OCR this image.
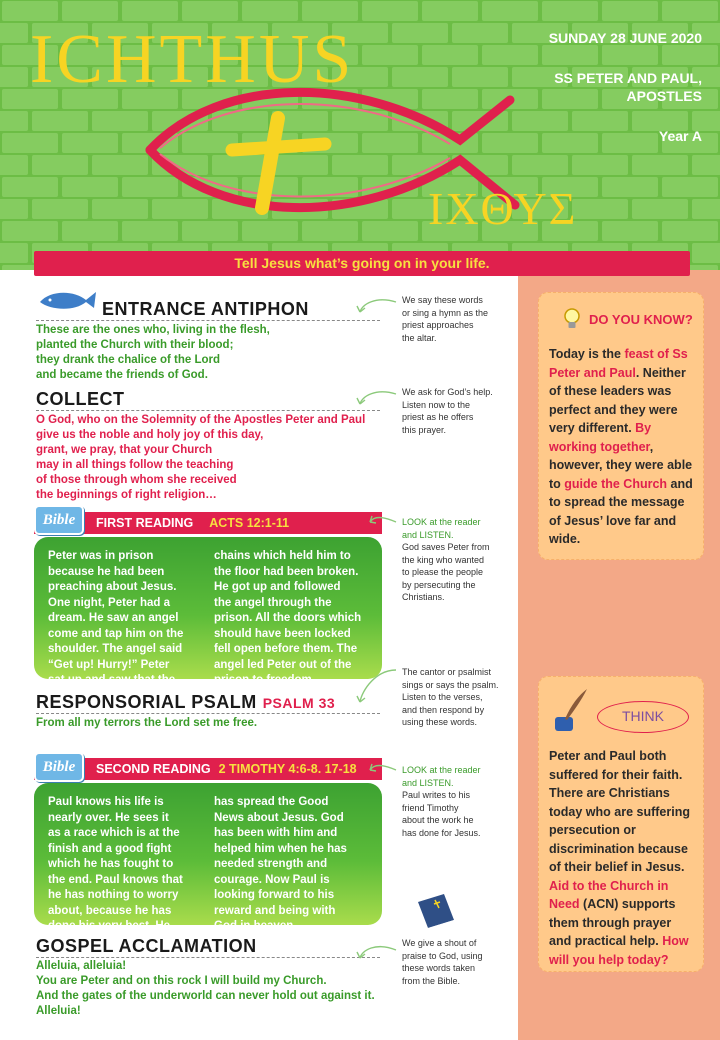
ICHTHUS
ΙΧΘΥΣ
SUNDAY 28 JUNE 2020
SS PETER AND PAUL,
APOSTLES
Year A
DO YOU KNOW?

Today is the feast of Ss Peter and Paul. Neither of these leaders was perfect and they were very different. By working together, however, they were able to guide the Church and to spread the message of Jesus’ love far and wide.

THINK

Peter and Paul both suffered for their faith. There are Christians today who are suffering persecution or discrimination because of their belief in Jesus. Aid to the Church in Need (ACN) supports them through prayer and practical help. How will you help today?

Tell Jesus what’s going on in your life.
ENTRANCE ANTIPHON
These are the ones who, living in the flesh,
planted the Church with their blood;
they drank the chalice of the Lord
and became the friends of God.
We say these words
or sing a hymn as the
priest approaches
the altar.
COLLECT
O God, who on the Solemnity of the Apostles Peter and Paul
give us the noble and holy joy of this day,
grant, we pray, that your Church
may in all things follow the teaching
of those through whom she received
the beginnings of right religion…
We ask for God’s help.
Listen now to the
priest as he offers
this prayer.
FIRST READING ACTS 12:1-11
Bible
Peter was in prison
because he had been
preaching about Jesus.
One night, Peter had a
dream. He saw an angel
come and tap him on the
shoulder. The angel said
“Get up! Hurry!” Peter
sat up and saw that the
chains which held him to
the floor had been broken.
He got up and followed
the angel through the
prison. All the doors which
should have been locked
fell open before them. The
angel led Peter out of the
prison to freedom.
LOOK at the reader
and LISTEN.
God saves Peter from
the king who wanted
to please the people
by persecuting the
Christians.
RESPONSORIAL PSALM PSALM 33
From all my terrors the Lord set me free.
The cantor or psalmist
sings or says the psalm.
Listen to the verses,
and then respond by
using these words.
SECOND READING 2 TIMOTHY 4:6-8. 17-18
Bible
Paul knows his life is
nearly over. He sees it
as a race which is at the
finish and a good fight
which he has fought to
the end. Paul knows that
he has nothing to worry
about, because he has
done his very best. He
has spread the Good
News about Jesus. God
has been with him and
helped him when he has
needed strength and
courage. Now Paul is
looking forward to his
reward and being with
God in heaven.
LOOK at the reader
and LISTEN.
Paul writes to his
friend Timothy
about the work he
has done for Jesus.
GOSPEL ACCLAMATION
Alleluia, alleluia!
You are Peter and on this rock I will build my Church.
And the gates of the underworld can never hold out against it.
Alleluia!
We give a shout of
praise to God, using
these words taken
from the Bible.
